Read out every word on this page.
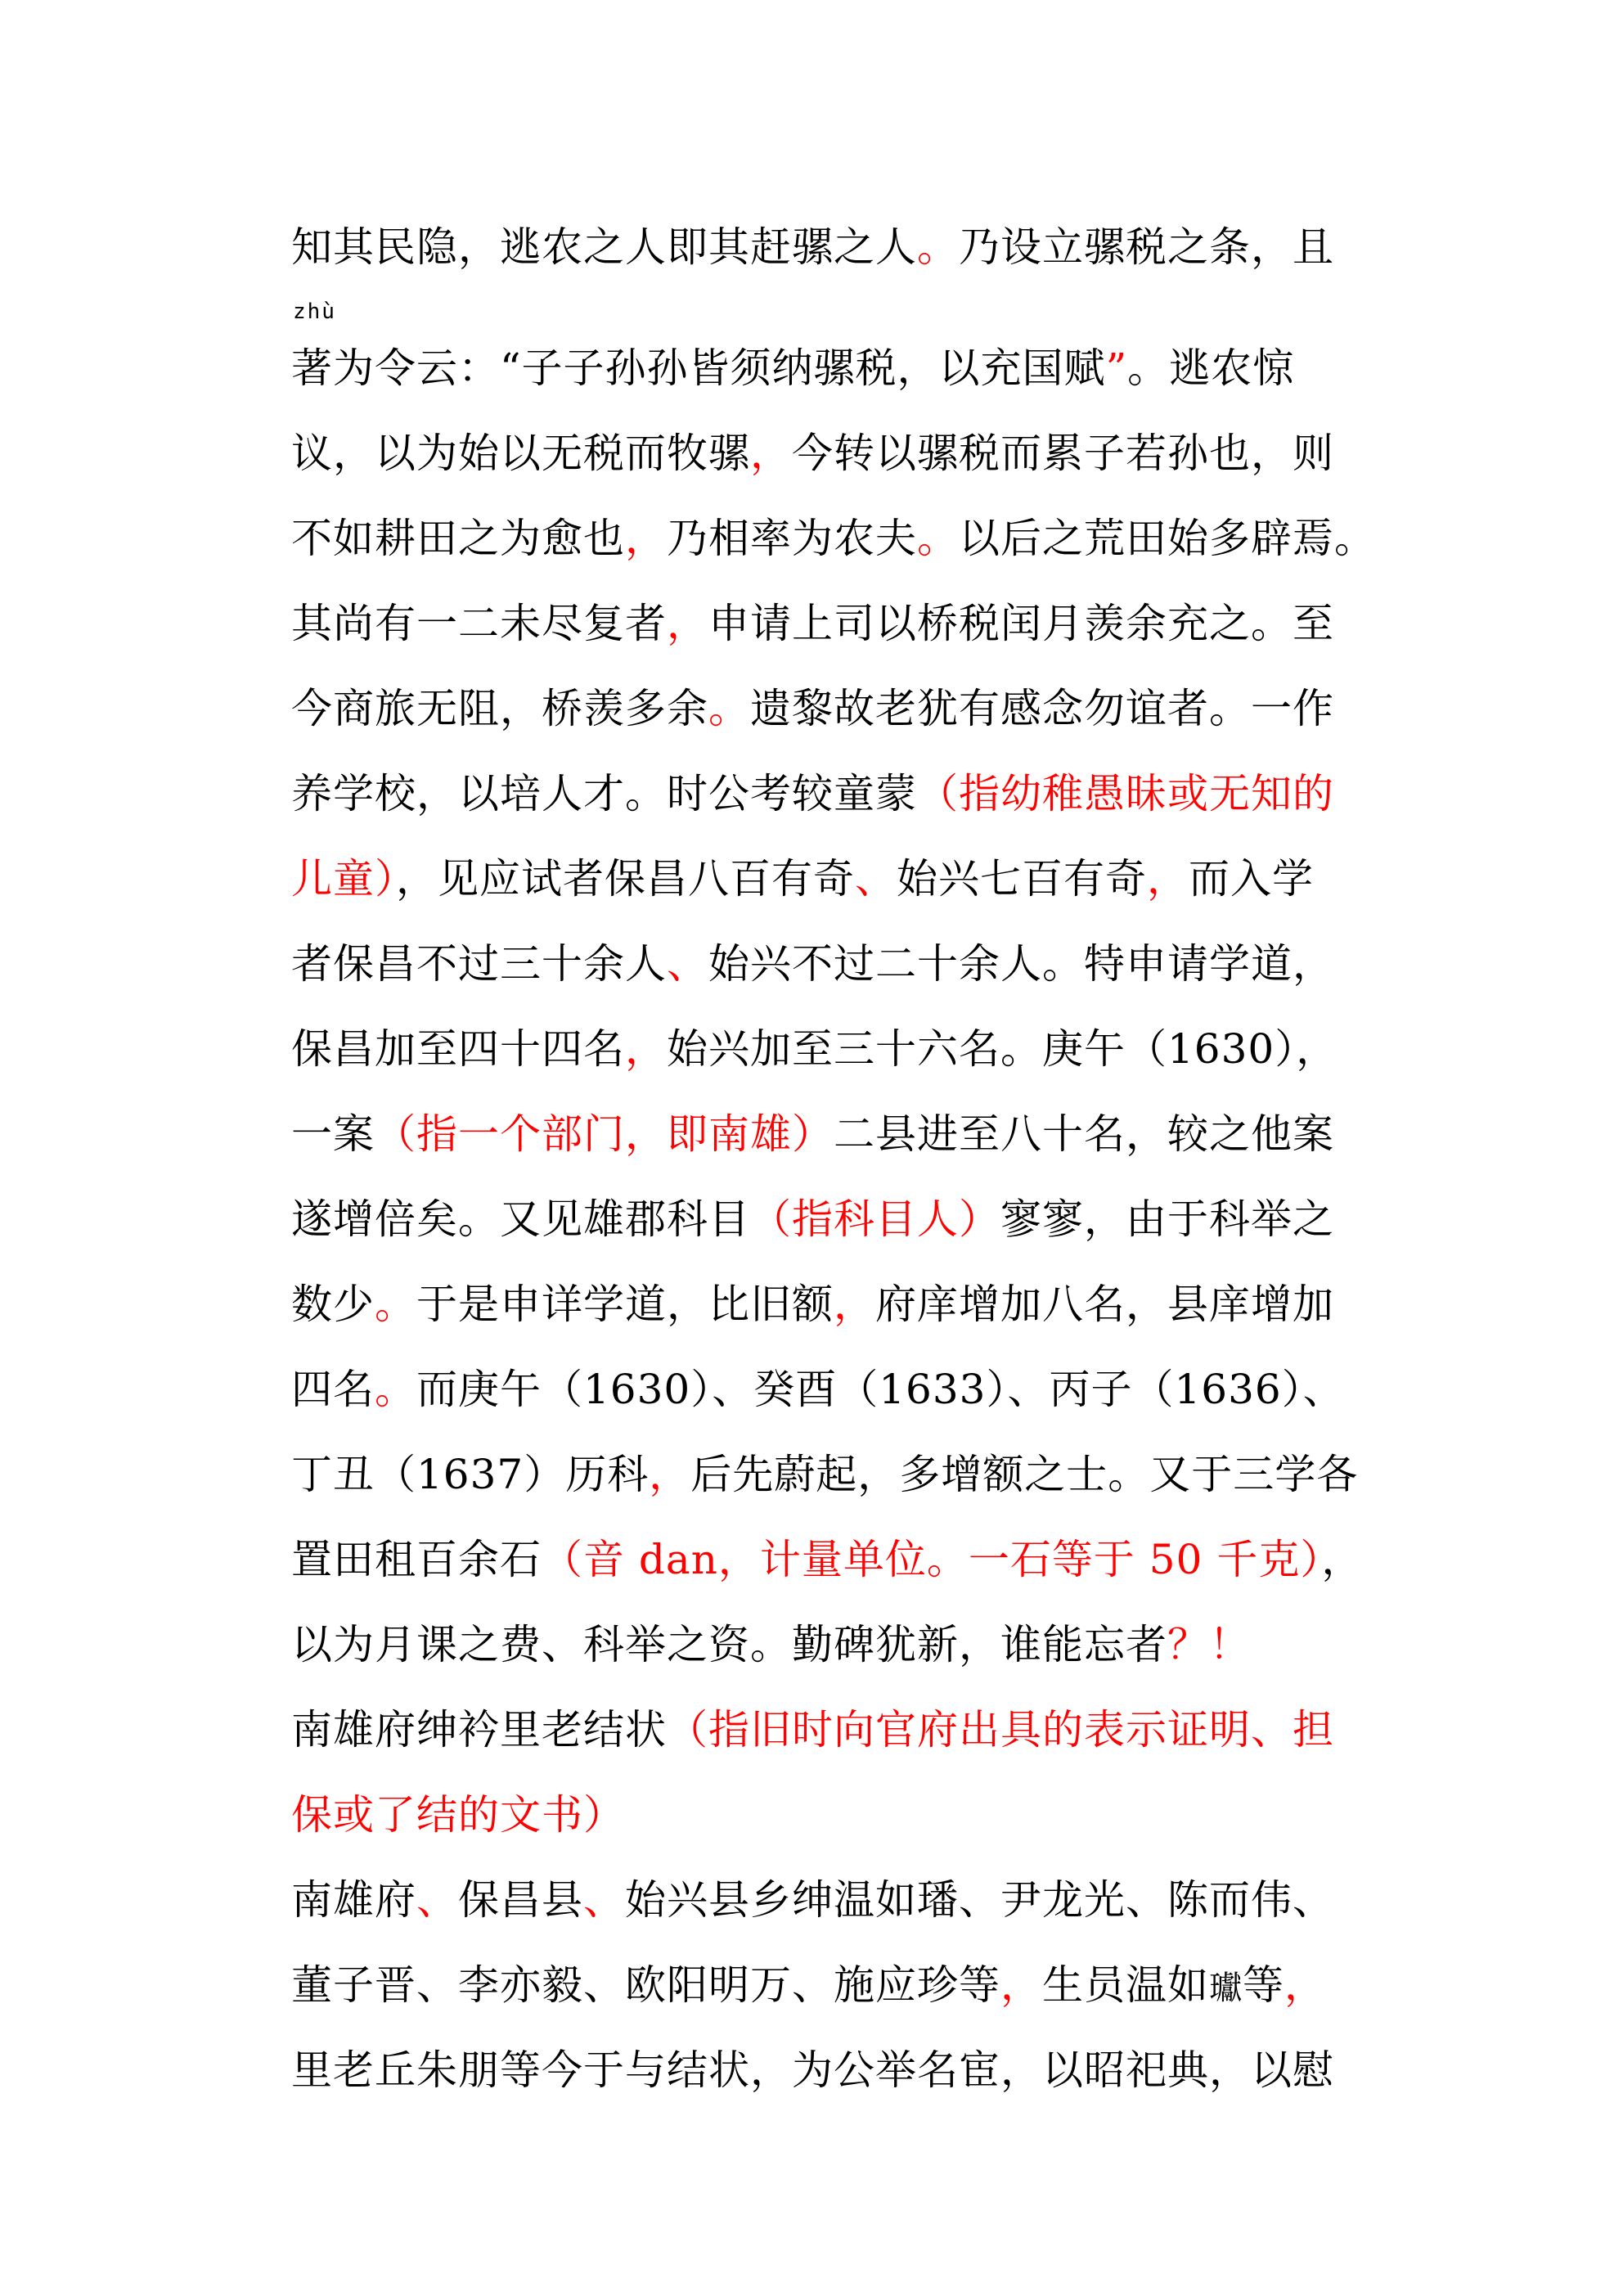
知其民隐，逃农之人即其赶骡之人。乃设立骡税之条，且
zhù
著为令云：“子子孙孙皆须纳骡税，以充国赋”。逃农惊
议，以为始以无税而牧骡，今转以骡税而累子若孙也，则
不如耕田之为愈也，乃相率为农夫。以后之荒田始多辟焉。
其尚有一二未尽复者，申请上司以桥税闰月羡余充之。至
今商旅无阻，桥羡多余。遗黎故老犹有感念勿谊者。一作
养学校，以培人才。时公考较童蒙（指幼稚愚昧或无知的
儿童），见应试者保昌八百有奇、始兴七百有奇，而入学
者保昌不过三十余人、始兴不过二十余人。特申请学道，
保昌加至四十四名，始兴加至三十六名。庚午（1630），
一案（指一个部门，即南雄）二县进至八十名，较之他案
遂增倍矣。又见雄郡科目（指科目人）寥寥，由于科举之
数少。于是申详学道，比旧额，府庠增加八名，县庠增加
四名。而庚午（1630）、癸酉（1633）、丙子（1636）、
丁丑（1637）历科，后先蔚起，多增额之士。又于三学各
置田租百余石（音 dan，计量单位。一石等于 50 千克），
以为月课之费、科举之资。勤碑犹新，谁能忘者？！
南雄府绅衿里老结状（指旧时向官府出具的表示证明、担
保或了结的文书）
南雄府、保昌县、始兴县乡绅温如璠、尹龙光、陈而伟、
董子晋、李亦毅、欧阳明万、施应珍等，生员温如瓛等，
里老丘朱朋等今于与结状，为公举名宦，以昭祀典，以慰
